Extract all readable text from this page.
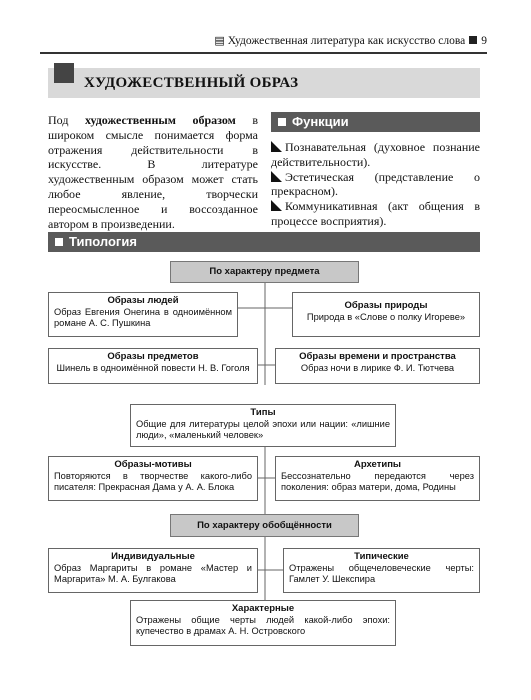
▤ Художественная литература как искусство слова 9
ХУДОЖЕСТВЕННЫЙ ОБРАЗ
Под художественным образом в широком смысле понимается форма отражения действительности в искусстве. В литературе художественным образом может стать любое явление, творчески переосмысленное и воссозданное автором в произведении.
Функции

Познавательная (духовное познание действительности).

Эстетическая (представление о прекрасном).

Коммуникативная (акт общения в процессе восприятия).

Типология
По характеру предмета
Образы людей
Образ Евгения Онегина в одноимённом романе А. С. Пушкина
Образы природы
Природа в «Слове о полку Игореве»
Образы предметов
Шинель в одноимённой повести Н. В. Гоголя
Образы времени и пространства
Образ ночи в лирике Ф. И. Тютчева
Типы
Общие для литературы целой эпохи или нации: «лишние люди», «маленький человек»
Образы-мотивы
Повторяются в творчестве какого-либо писателя: Прекрасная Дама у А. А. Блока
Архетипы
Бессознательно передаются через поколения: образ матери, дома, Родины
По характеру обобщённости
Индивидуальные
Образ Маргариты в романе «Мастер и Маргарита» М. А. Булгакова
Типические
Отражены общечеловеческие черты: Гамлет У. Шекспира
Характерные
Отражены общие черты людей какой-либо эпохи: купечество в драмах А. Н. Островского
